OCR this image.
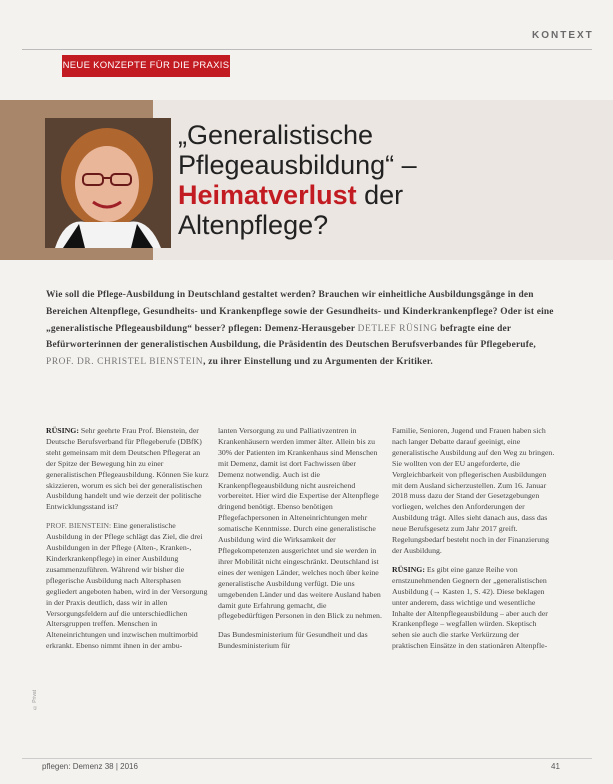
KONTEXT
NEUE KONZEPTE FÜR DIE PRAXIS
„Generalistische
Pflegeausbildung“ –
Heimatverlust der
Altenpflege?
Wie soll die Pflege-Ausbildung in Deutschland gestaltet werden? Brauchen wir einheitliche Ausbildungsgänge in den Bereichen Altenpflege, Gesundheits- und Krankenpflege sowie der Gesundheits- und Kinderkrankenpflege? Oder ist eine „generalistische Pflegeausbildung“ besser? pflegen: Demenz-Herausgeber DETLEF RÜSING befragte eine der Befürworterinnen der generalistischen Ausbildung, die Präsidentin des Deutschen Berufsverbandes für Pflegeberufe, PROF. DR. CHRISTEL BIENSTEIN, zu ihrer Einstellung und zu Argumenten der Kritiker.

RÜSING: Sehr geehrte Frau Prof. Bienstein, der Deutsche Berufsverband für Pflegeberufe (DBfK) steht gemeinsam mit dem Deutschen Pflegerat an der Spitze der Bewegung hin zu einer generalistischen Pflegeausbildung. Können Sie kurz skizzieren, worum es sich bei der generalistischen Ausbildung handelt und wie derzeit der politische Entwicklungsstand ist?

PROF. BIENSTEIN: Eine generalistische Ausbildung in der Pflege schlägt das Ziel, die drei Ausbildungen in der Pflege (Alten-, Kranken-, Kinderkrankenpflege) in einer Ausbildung zusammenzuführen. Während wir bisher die pflegerische Ausbildung nach Altersphasen gegliedert angeboten haben, wird in der Versorgung in der Praxis deutlich, dass wir in allen Versorgungsfeldern auf die unterschiedlichen Altersgruppen treffen. Menschen in Alteneinrichtungen und inzwischen multimorbid erkrankt. Ebenso nimmt ihnen in der ambu-

lanten Versorgung zu und Palliativzentren in Krankenhäusern werden immer älter. Allein bis zu 30% der Patienten im Krankenhaus sind Menschen mit Demenz, damit ist dort Fachwissen über Demenz notwendig. Auch ist die Krankenpflegeausbildung nicht ausreichend vorbereitet. Hier wird die Expertise der Altenpflege dringend benötigt. Ebenso benötigen Pflegefachpersonen in Alteneinrichtungen mehr somatische Kenntnisse. Durch eine generalistische Ausbildung wird die Wirksamkeit der Pflegekompetenzen ausgerichtet und sie werden in ihrer Mobilität nicht eingeschränkt. Deutschland ist eines der wenigen Länder, welches noch über keine generalistische Ausbildung verfügt. Die uns umgebenden Länder und das weitere Ausland haben damit gute Erfahrung gemacht, die pflegebedürftigen Personen in den Blick zu nehmen.

Das Bundesministerium für Gesundheit und das Bundesministerium für

Familie, Senioren, Jugend und Frauen haben sich nach langer Debatte darauf geeinigt, eine generalistische Ausbildung auf den Weg zu bringen. Sie wollten von der EU angeforderte, die Vergleichbarkeit von pflegerischen Ausbildungen mit dem Ausland sicherzustellen. Zum 16. Januar 2018 muss dazu der Stand der Gesetzgebungen vorliegen, welches den Anforderungen der Ausbildung trägt. Alles sieht danach aus, dass das neue Berufsgesetz zum Jahr 2017 greift. Regelungsbedarf besteht noch in der Finanzierung der Ausbildung.

RÜSING: Es gibt eine ganze Reihe von ernstzunehmenden Gegnern der „generalistischen Ausbildung (→ Kasten 1, S. 42). Diese beklagen unter anderem, dass wichtige und wesentliche Inhalte der Altenpflegeausbildung – aber auch der Krankenpflege – wegfallen würden. Skeptisch sehen sie auch die starke Verkürzung der praktischen Einsätze in den stationären Altenpfle-

© Privat
pflegen: Demenz 38 | 2016	41
